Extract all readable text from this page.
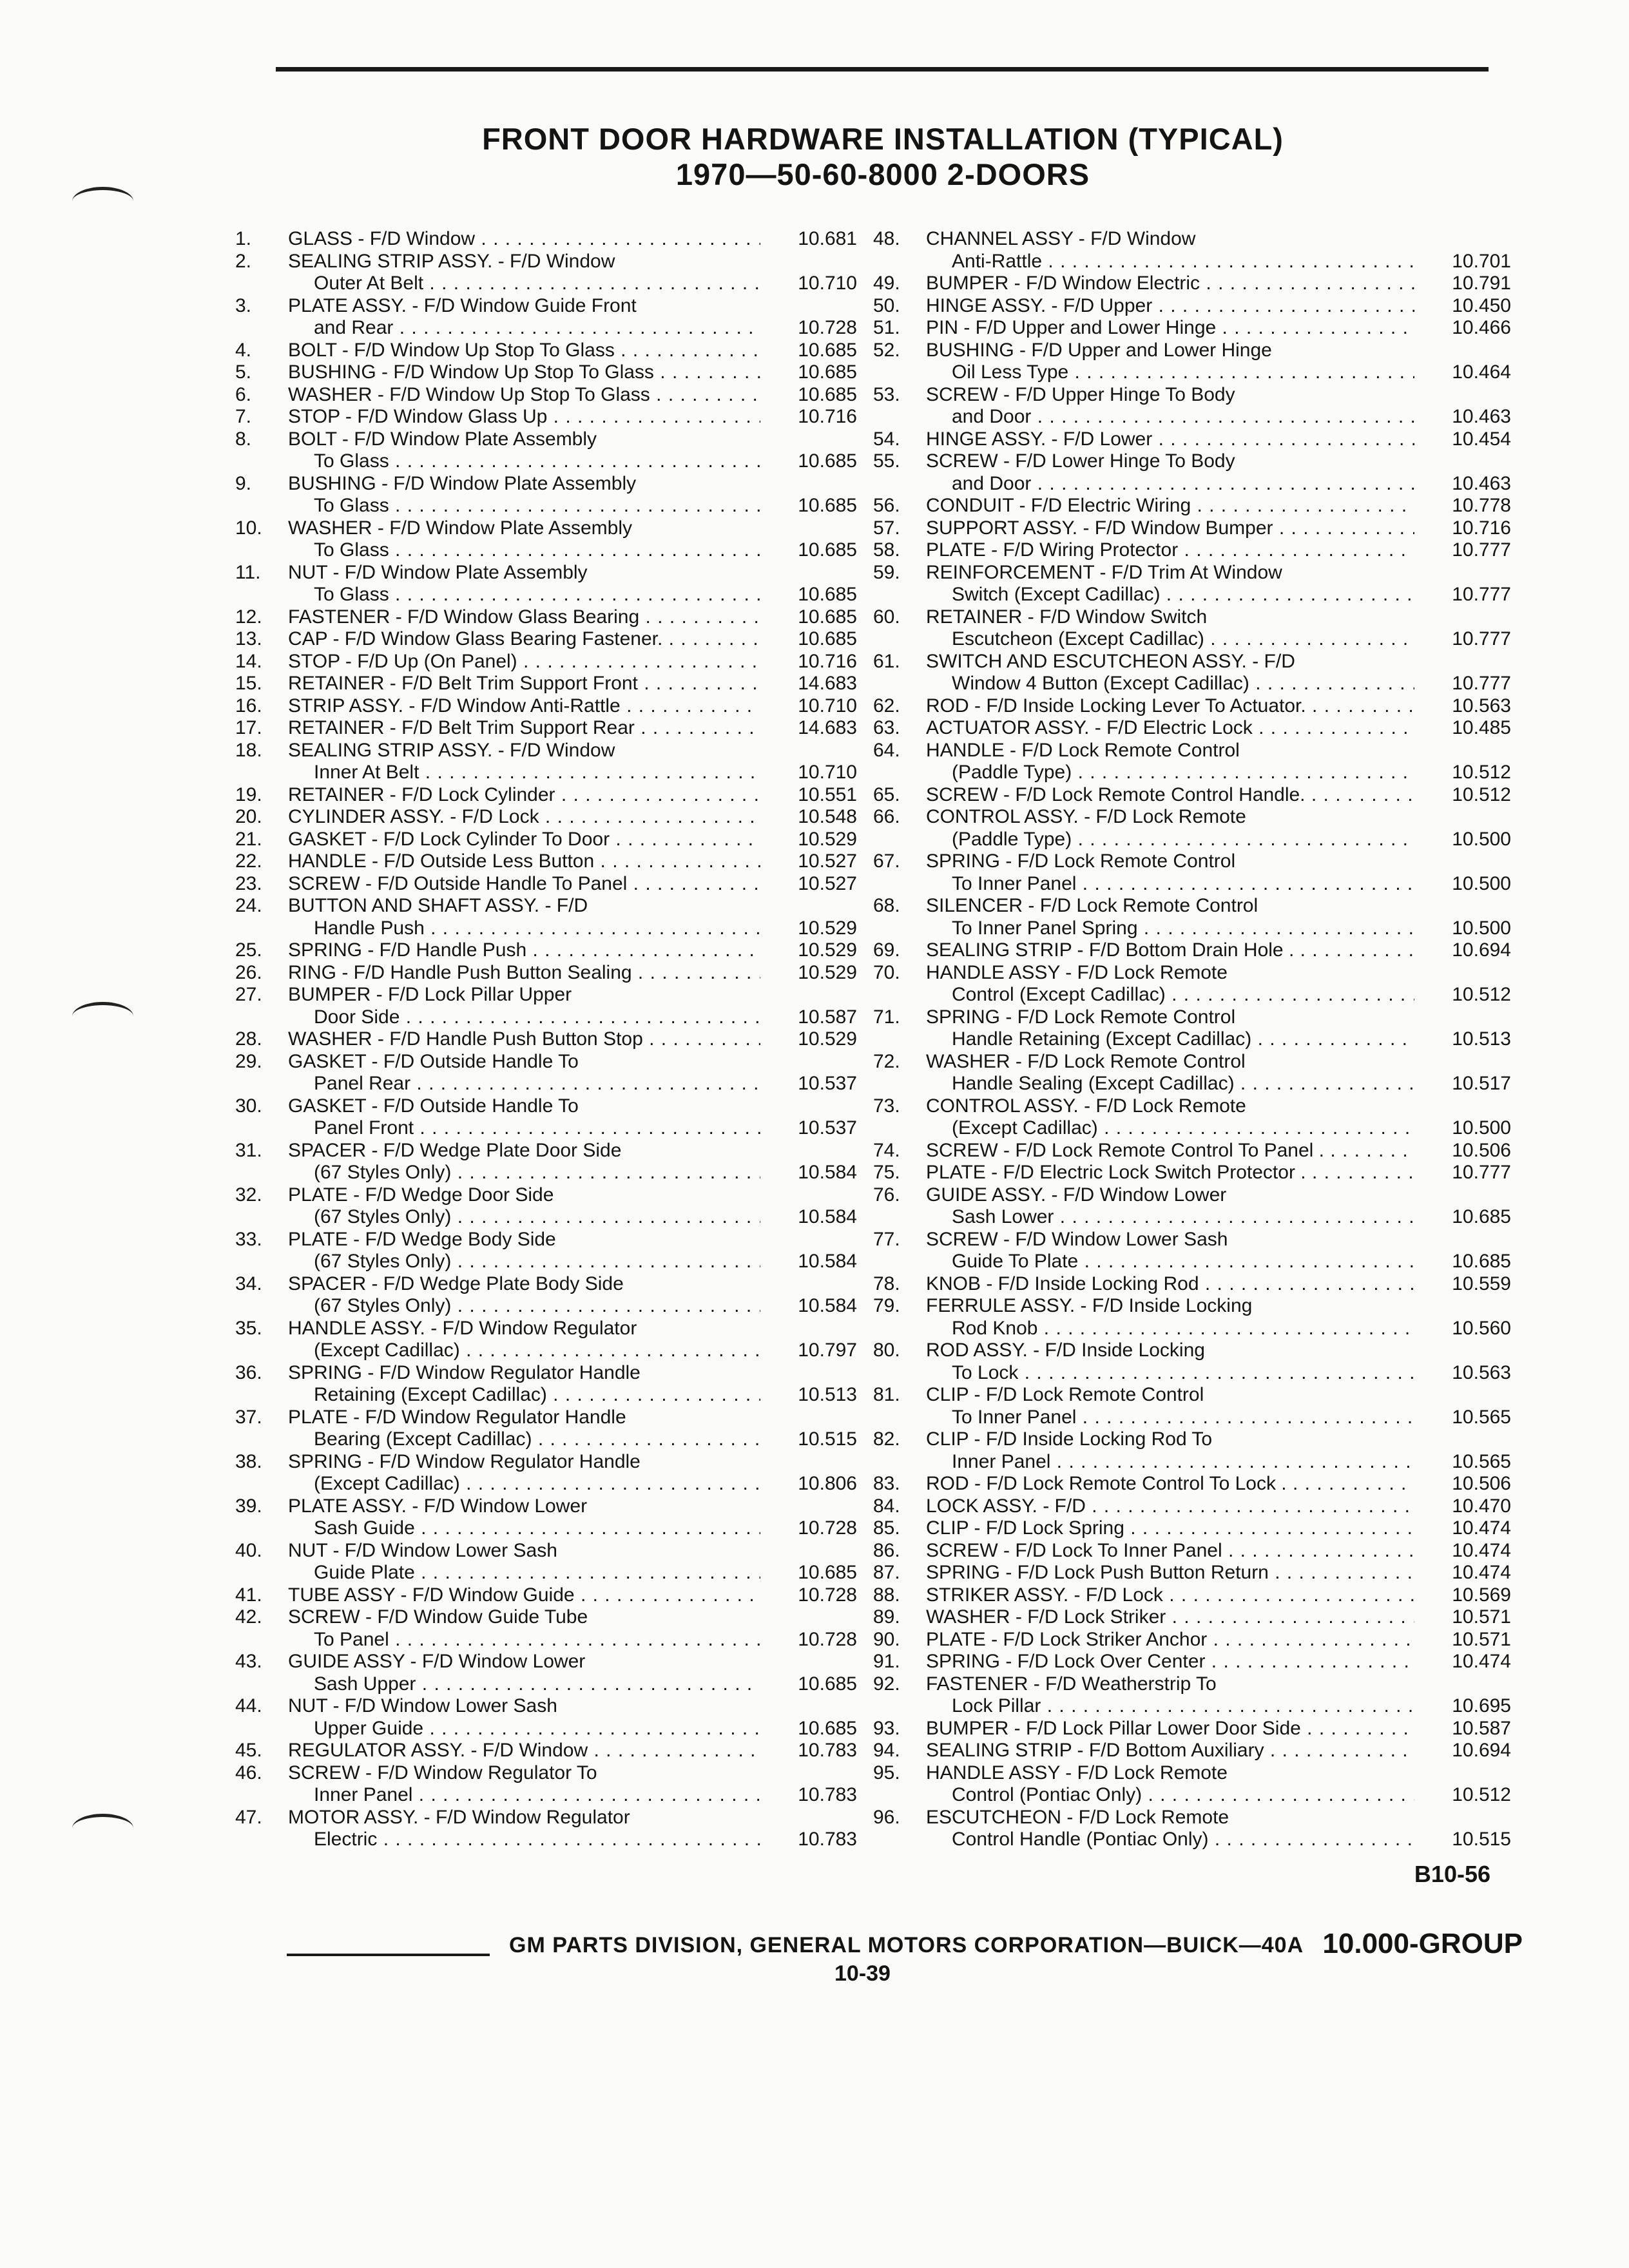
FRONT DOOR HARDWARE INSTALLATION (TYPICAL)
1970—50-60-8000 2-DOORS
1.	GLASS - F/D Window . . .	10.681
2.	SEALING STRIP ASSY. - F/D Window
Outer At Belt . . .	10.710
3.	PLATE ASSY. - F/D Window Guide Front
and Rear . . .	10.728
4.	BOLT - F/D Window Up Stop To Glass . . .	10.685
5.	BUSHING - F/D Window Up Stop To Glass . . .	10.685
6.	WASHER - F/D Window Up Stop To Glass . . .	10.685
7.	STOP - F/D Window Glass Up . . .	10.716
8.	BOLT - F/D Window Plate Assembly
To Glass . . .	10.685
9.	BUSHING - F/D Window Plate Assembly
To Glass . . .	10.685
10.	WASHER - F/D Window Plate Assembly
To Glass . . .	10.685
11.	NUT - F/D Window Plate Assembly
To Glass . . .	10.685
12.	FASTENER - F/D Window Glass Bearing . . .	10.685
13.	CAP - F/D Window Glass Bearing Fastener. . . .	10.685
14.	STOP - F/D Up (On Panel) . . .	10.716
15.	RETAINER - F/D Belt Trim Support Front . . .	14.683
16.	STRIP ASSY. - F/D Window Anti-Rattle . . .	10.710
17.	RETAINER - F/D Belt Trim Support Rear . . .	14.683
18.	SEALING STRIP ASSY. - F/D Window
Inner At Belt . . .	10.710
19.	RETAINER - F/D Lock Cylinder . . .	10.551
20.	CYLINDER ASSY. - F/D Lock . . .	10.548
21.	GASKET - F/D Lock Cylinder To Door . . .	10.529
22.	HANDLE - F/D Outside Less Button . . .	10.527
23.	SCREW - F/D Outside Handle To Panel . . .	10.527
24.	BUTTON AND SHAFT ASSY. - F/D
Handle Push . . .	10.529
25.	SPRING - F/D Handle Push . . .	10.529
26.	RING - F/D Handle Push Button Sealing . . .	10.529
27.	BUMPER - F/D Lock Pillar Upper
Door Side . . .	10.587
28.	WASHER - F/D Handle Push Button Stop . . .	10.529
29.	GASKET - F/D Outside Handle To
Panel Rear . . .	10.537
30.	GASKET - F/D Outside Handle To
Panel Front . . .	10.537
31.	SPACER - F/D Wedge Plate Door Side
(67 Styles Only) . . .	10.584
32.	PLATE - F/D Wedge Door Side
(67 Styles Only) . . .	10.584
33.	PLATE - F/D Wedge Body Side
(67 Styles Only) . . .	10.584
34.	SPACER - F/D Wedge Plate Body Side
(67 Styles Only) . . .	10.584
35.	HANDLE ASSY. - F/D Window Regulator
(Except Cadillac) . . .	10.797
36.	SPRING - F/D Window Regulator Handle
Retaining (Except Cadillac) . . .	10.513
37.	PLATE - F/D Window Regulator Handle
Bearing (Except Cadillac) . . .	10.515
38.	SPRING - F/D Window Regulator Handle
(Except Cadillac) . . .	10.806
39.	PLATE ASSY. - F/D Window Lower
Sash Guide . . .	10.728
40.	NUT - F/D Window Lower Sash
Guide Plate . . .	10.685
41.	TUBE ASSY - F/D Window Guide . . .	10.728
42.	SCREW - F/D Window Guide Tube
To Panel . . .	10.728
43.	GUIDE ASSY - F/D Window Lower
Sash Upper . . .	10.685
44.	NUT - F/D Window Lower Sash
Upper Guide . . .	10.685
45.	REGULATOR ASSY. - F/D Window . . .	10.783
46.	SCREW - F/D Window Regulator To
Inner Panel . . .	10.783
47.	MOTOR ASSY. - F/D Window Regulator
Electric . . .	10.783
48.	CHANNEL ASSY - F/D Window
Anti-Rattle . . .	10.701
49.	BUMPER - F/D Window Electric . . .	10.791
50.	HINGE ASSY. - F/D Upper . . .	10.450
51.	PIN - F/D Upper and Lower Hinge . . .	10.466
52.	BUSHING - F/D Upper and Lower Hinge
Oil Less Type . . .	10.464
53.	SCREW - F/D Upper Hinge To Body
and Door . . .	10.463
54.	HINGE ASSY. - F/D Lower . . .	10.454
55.	SCREW - F/D Lower Hinge To Body
and Door . . .	10.463
56.	CONDUIT - F/D Electric Wiring . . .	10.778
57.	SUPPORT ASSY. - F/D Window Bumper . . .	10.716
58.	PLATE - F/D Wiring Protector . . .	10.777
59.	REINFORCEMENT - F/D Trim At Window
Switch (Except Cadillac) . . .	10.777
60.	RETAINER - F/D Window Switch
Escutcheon (Except Cadillac) . . .	10.777
61.	SWITCH AND ESCUTCHEON ASSY. - F/D
Window 4 Button (Except Cadillac) . . .	10.777
62.	ROD - F/D Inside Locking Lever To Actuator. . . .	10.563
63.	ACTUATOR ASSY. - F/D Electric Lock . . .	10.485
64.	HANDLE - F/D Lock Remote Control
(Paddle Type) . . .	10.512
65.	SCREW - F/D Lock Remote Control Handle. . . .	10.512
66.	CONTROL ASSY. - F/D Lock Remote
(Paddle Type) . . .	10.500
67.	SPRING - F/D Lock Remote Control
To Inner Panel . . .	10.500
68.	SILENCER - F/D Lock Remote Control
To Inner Panel Spring . . .	10.500
69.	SEALING STRIP - F/D Bottom Drain Hole . . . .	10.694
70.	HANDLE ASSY - F/D Lock Remote
Control (Except Cadillac) . . .	10.512
71.	SPRING - F/D Lock Remote Control
Handle Retaining (Except Cadillac) . . .	10.513
72.	WASHER - F/D Lock Remote Control
Handle Sealing (Except Cadillac) . . .	10.517
73.	CONTROL ASSY. - F/D Lock Remote
(Except Cadillac) . . .	10.500
74.	SCREW - F/D Lock Remote Control To Panel . . . .	10.506
75.	PLATE - F/D Electric Lock Switch Protector . . . .	10.777
76.	GUIDE ASSY. - F/D Window Lower
Sash Lower . . .	10.685
77.	SCREW - F/D Window Lower Sash
Guide To Plate . . .	10.685
78.	KNOB - F/D Inside Locking Rod . . .	10.559
79.	FERRULE ASSY. - F/D Inside Locking
Rod Knob . . .	10.560
80.	ROD ASSY. - F/D Inside Locking
To Lock . . .	10.563
81.	CLIP - F/D Lock Remote Control
To Inner Panel . . .	10.565
82.	CLIP - F/D Inside Locking Rod To
Inner Panel . . .	10.565
83.	ROD - F/D Lock Remote Control To Lock . . . .	10.506
84.	LOCK ASSY. - F/D . . .	10.470
85.	CLIP - F/D Lock Spring . . .	10.474
86.	SCREW - F/D Lock To Inner Panel . . .	10.474
87.	SPRING - F/D Lock Push Button Return . . .	10.474
88.	STRIKER ASSY. - F/D Lock . . .	10.569
89.	WASHER - F/D Lock Striker . . .	10.571
90.	PLATE - F/D Lock Striker Anchor . . .	10.571
91.	SPRING - F/D Lock Over Center . . .	10.474
92.	FASTENER - F/D Weatherstrip To
Lock Pillar . . .	10.695
93.	BUMPER - F/D Lock Pillar Lower Door Side . . .	10.587
94.	SEALING STRIP - F/D Bottom Auxiliary . . .	10.694
95.	HANDLE ASSY - F/D Lock Remote
Control (Pontiac Only) . . .	10.512
96.	ESCUTCHEON - F/D Lock Remote
Control Handle (Pontiac Only) . . .	10.515
B10-56
GM PARTS DIVISION, GENERAL MOTORS CORPORATION—BUICK—40A
10-39
10.000-GROUP
